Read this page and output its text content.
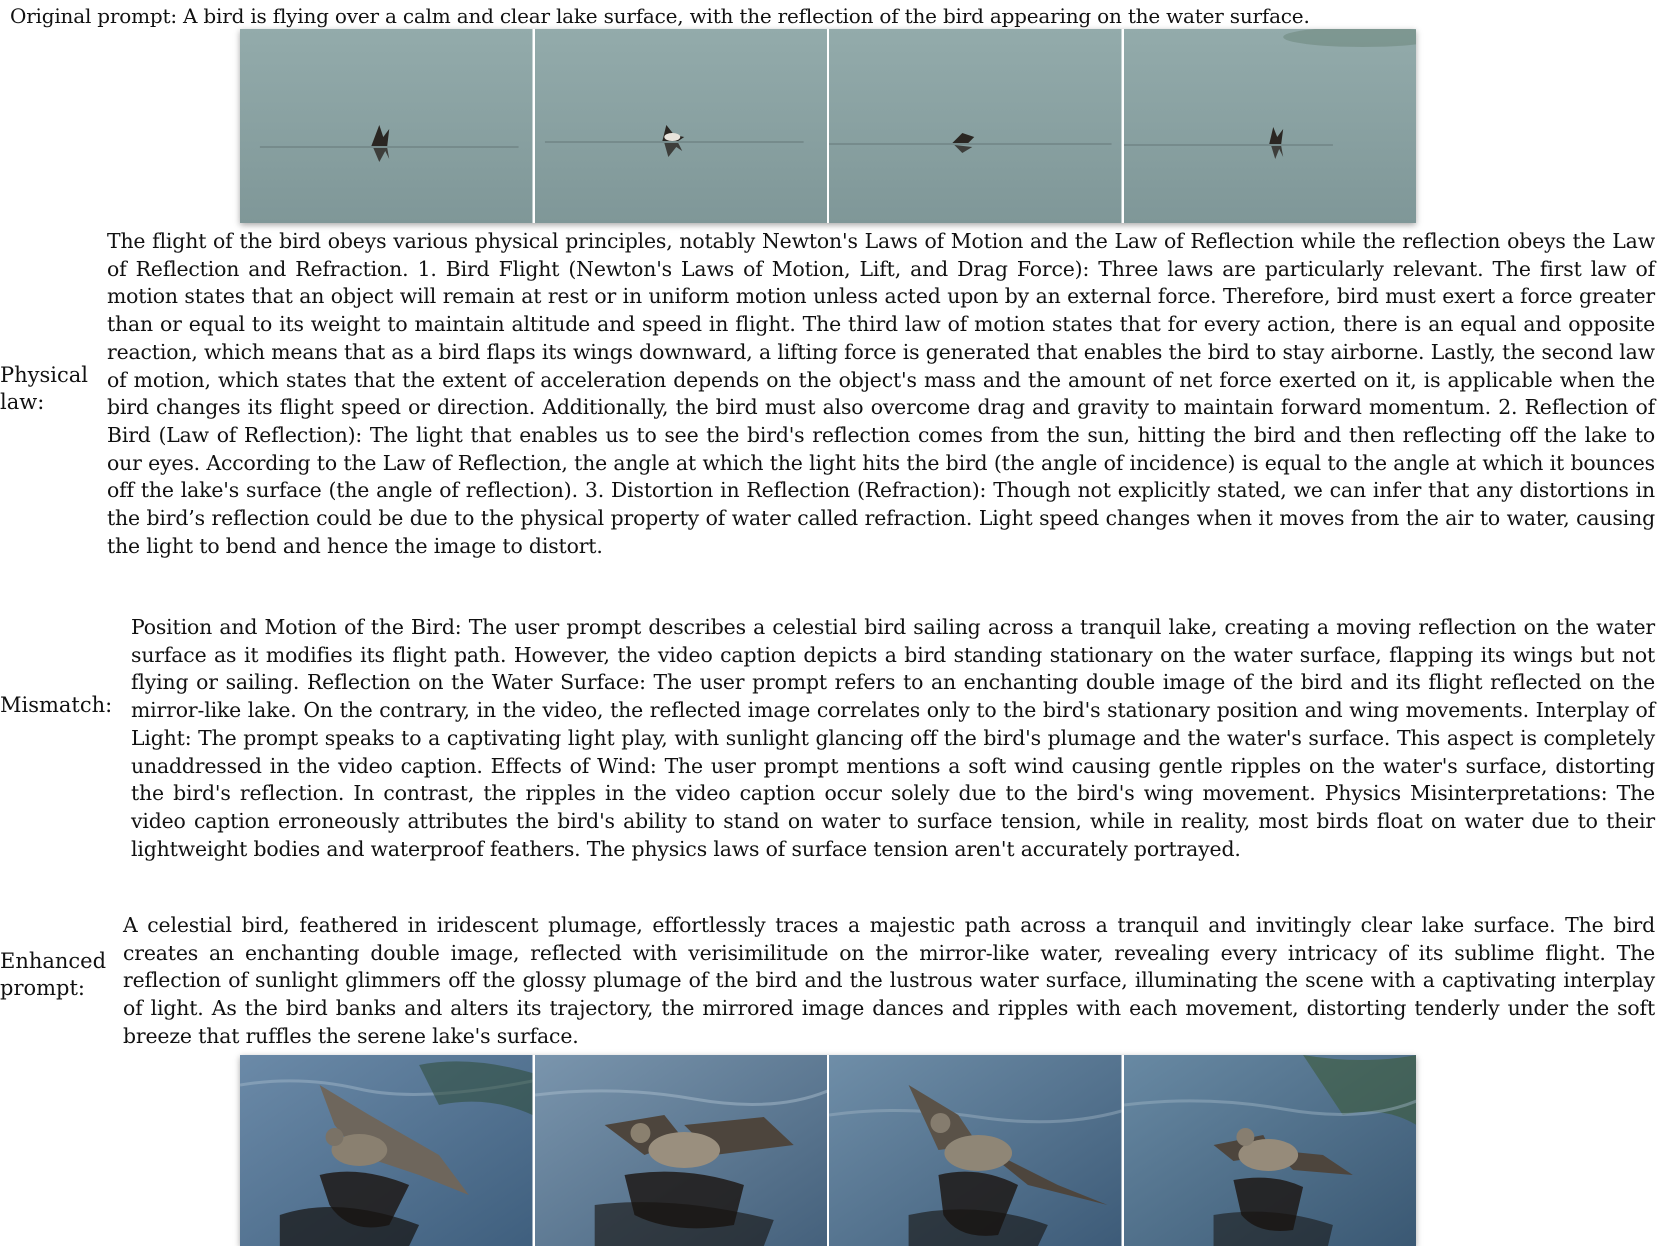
Original prompt: A bird is flying over a calm and clear lake surface, with the reflection of the bird appearing on the water surface.
Physical
law:
The flight of the bird obeys various physical principles, notably Newton's Laws of Motion and the Law of Reflection while the reflection obeys the Law of Reflection and Refraction. 1. Bird Flight (Newton's Laws of Motion, Lift, and Drag Force): Three laws are particularly relevant. The first law of motion states that an object will remain at rest or in uniform motion unless acted upon by an external force. Therefore, bird must exert a force greater than or equal to its weight to maintain altitude and speed in flight. The third law of motion states that for every action, there is an equal and opposite reaction, which means that as a bird flaps its wings downward, a lifting force is generated that enables the bird to stay airborne. Lastly, the second law of motion, which states that the extent of acceleration depends on the object's mass and the amount of net force exerted on it, is applicable when the bird changes its flight speed or direction. Additionally, the bird must also overcome drag and gravity to maintain forward momentum. 2. Reflection of Bird (Law of Reflection): The light that enables us to see the bird's reflection comes from the sun, hitting the bird and then reflecting off the lake to our eyes. According to the Law of Reflection, the angle at which the light hits the bird (the angle of incidence) is equal to the angle at which it bounces off the lake's surface (the angle of reflection). 3. Distortion in Reflection (Refraction): Though not explicitly stated, we can infer that any distortions in the bird’s reflection could be due to the physical property of water called refraction. Light speed changes when it moves from the air to water, causing the light to bend and hence the image to distort.
Mismatch:
Position and Motion of the Bird: The user prompt describes a celestial bird sailing across a tranquil lake, creating a moving reflection on the water surface as it modifies its flight path. However, the video caption depicts a bird standing stationary on the water surface, flapping its wings but not flying or sailing. Reflection on the Water Surface: The user prompt refers to an enchanting double image of the bird and its flight reflected on the mirror-like lake. On the contrary, in the video, the reflected image correlates only to the bird's stationary position and wing movements. Interplay of Light: The prompt speaks to a captivating light play, with sunlight glancing off the bird's plumage and the water's surface. This aspect is completely unaddressed in the video caption. Effects of Wind: The user prompt mentions a soft wind causing gentle ripples on the water's surface, distorting the bird's reflection. In contrast, the ripples in the video caption occur solely due to the bird's wing movement. Physics Misinterpretations: The video caption erroneously attributes the bird's ability to stand on water to surface tension, while in reality, most birds float on water due to their lightweight bodies and waterproof feathers. The physics laws of surface tension aren't accurately portrayed.
Enhanced
prompt:
A celestial bird, feathered in iridescent plumage, effortlessly traces a majestic path across a tranquil and invitingly clear lake surface. The bird creates an enchanting double image, reflected with verisimilitude on the mirror-like water, revealing every intricacy of its sublime flight. The reflection of sunlight glimmers off the glossy plumage of the bird and the lustrous water surface, illuminating the scene with a captivating interplay of light. As the bird banks and alters its trajectory, the mirrored image dances and ripples with each movement, distorting tenderly under the soft breeze that ruffles the serene lake's surface.
